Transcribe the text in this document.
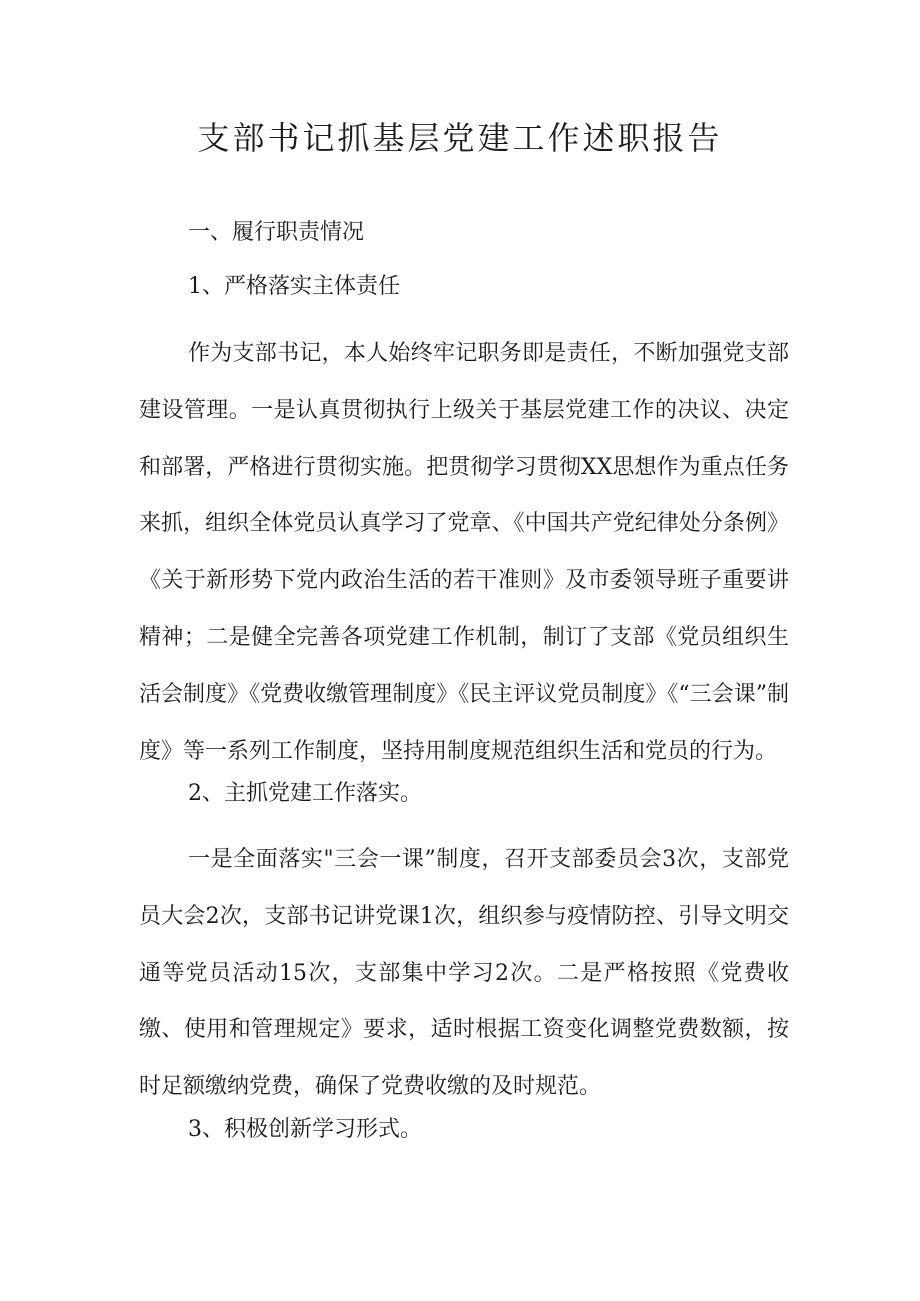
支部书记抓基层党建工作述职报告

一、履行职责情况

1、严格落实主体责任

作为支部书记，本人始终牢记职务即是责任，不断加强党支部建设管理。一是认真贯彻执行上级关于基层党建工作的决议、决定和部署，严格进行贯彻实施。把贯彻学习贯彻XX思想作为重点任务来抓，组织全体党员认真学习了党章、《中国共产党纪律处分条例》《关于新形势下党内政治生活的若干准则》及市委领导班子重要讲精神；二是健全完善各项党建工作机制，制订了支部《党员组织生活会制度》《党费收缴管理制度》《民主评议党员制度》《“三会课”制度》等一系列工作制度，坚持用制度规范组织生活和党员的行为。

2、主抓党建工作落实。

一是全面落实"三会一课”制度，召开支部委员会3次，支部党员大会2次，支部书记讲党课1次，组织参与疫情防控、引导文明交通等党员活动15次，支部集中学习2次。二是严格按照《党费收缴、使用和管理规定》要求，适时根据工资变化调整党费数额，按时足额缴纳党费，确保了党费收缴的及时规范。

3、积极创新学习形式。
